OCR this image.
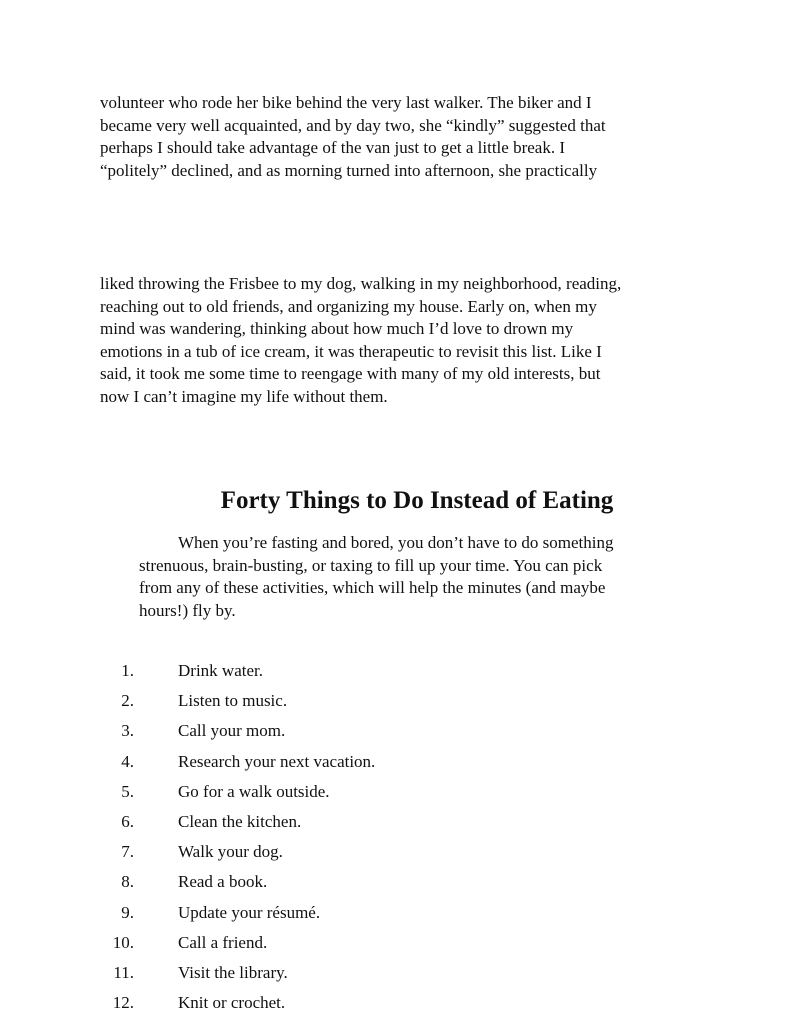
volunteer who rode her bike behind the very last walker. The biker and I
became very well acquainted, and by day two, she “kindly” suggested that
perhaps I should take advantage of the van just to get a little break. I
“politely” declined, and as morning turned into afternoon, she practically
liked throwing the Frisbee to my dog, walking in my neighborhood, reading,
reaching out to old friends, and organizing my house. Early on, when my
mind was wandering, thinking about how much I’d love to drown my
emotions in a tub of ice cream, it was therapeutic to revisit this list. Like I
said, it took me some time to reengage with many of my old interests, but
now I can’t imagine my life without them.
Forty Things to Do Instead of Eating
When you’re fasting and bored, you don’t have to do something
strenuous, brain-busting, or taxing to fill up your time. You can pick
from any of these activities, which will help the minutes (and maybe
hours!) fly by.
1.	Drink water.
2.	Listen to music.
3.	Call your mom.
4.	Research your next vacation.
5.	Go for a walk outside.
6.	Clean the kitchen.
7.	Walk your dog.
8.	Read a book.
9.	Update your résumé.
10.	Call a friend.
11.	Visit the library.
12.	Knit or crochet.
